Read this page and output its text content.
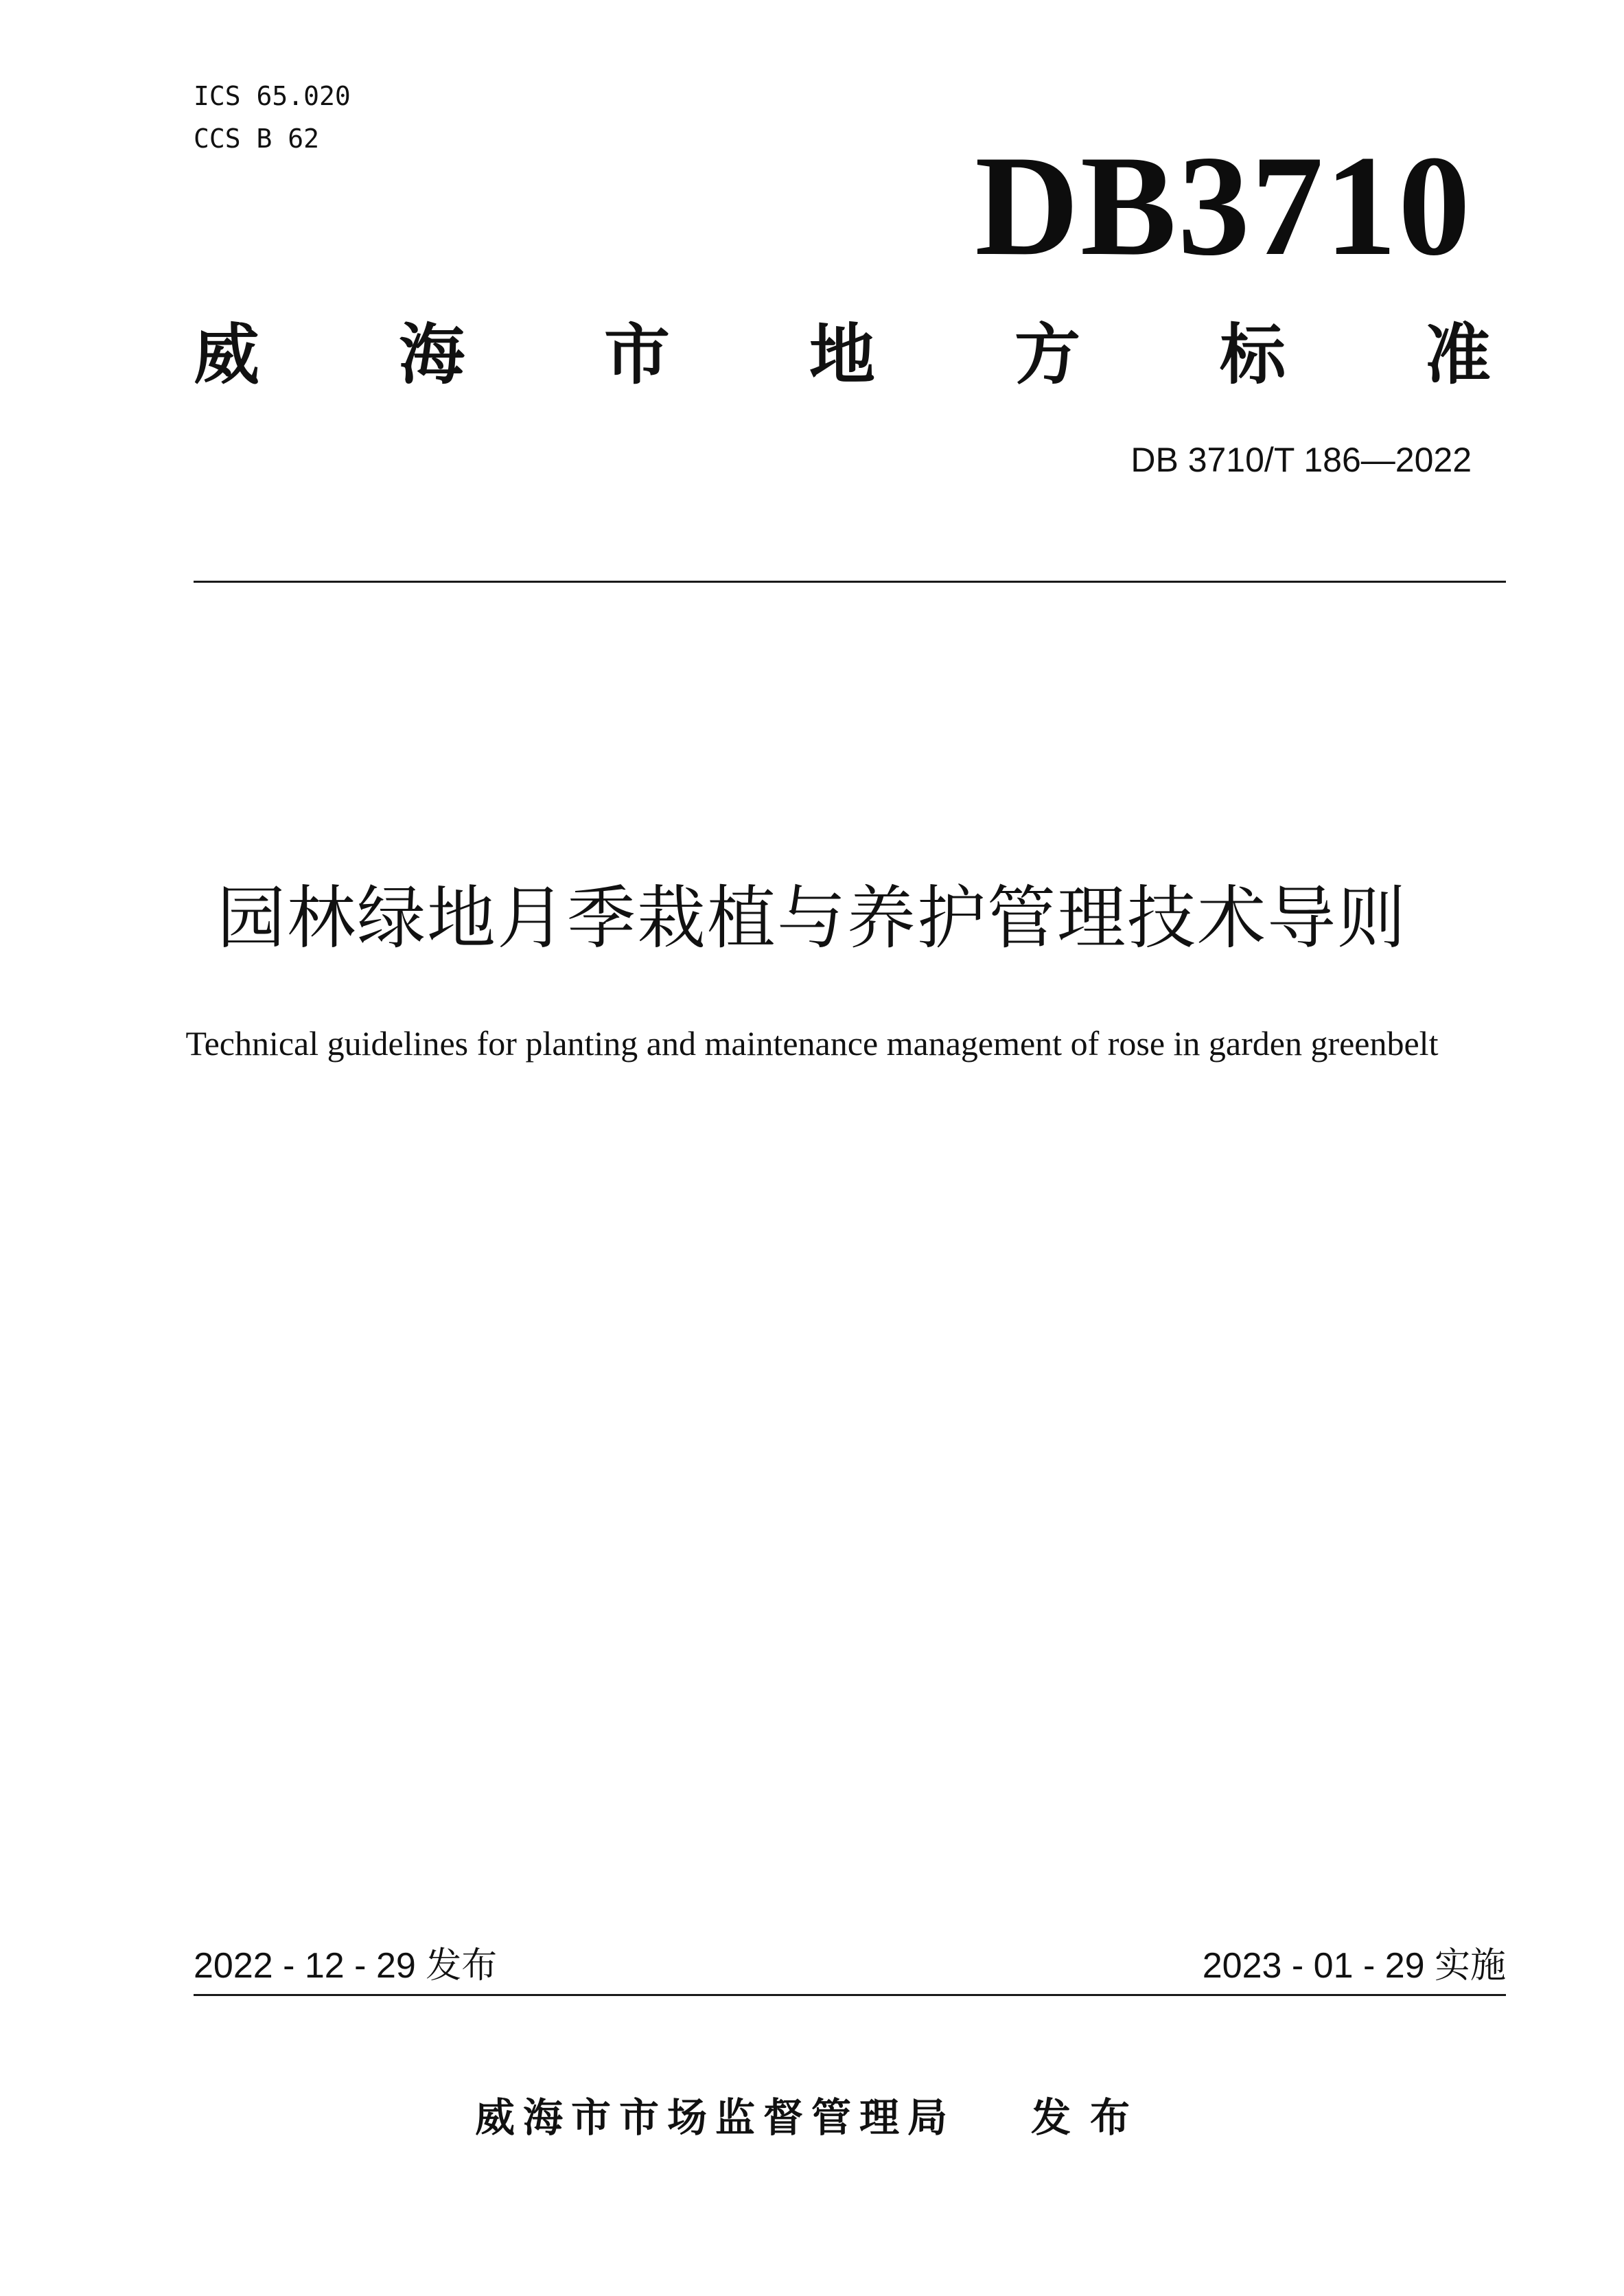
ICS 65.020
CCS B 62	DB3710
威 海 市 地 方 标 准
DB 3710/T 186—2022
园林绿地月季栽植与养护管理技术导则
Technical guidelines for planting and maintenance management of rose in garden greenbelt
2022 - 12 - 29 发布	2023 - 01 - 29 实施
威海市市场监督管理局 发布
